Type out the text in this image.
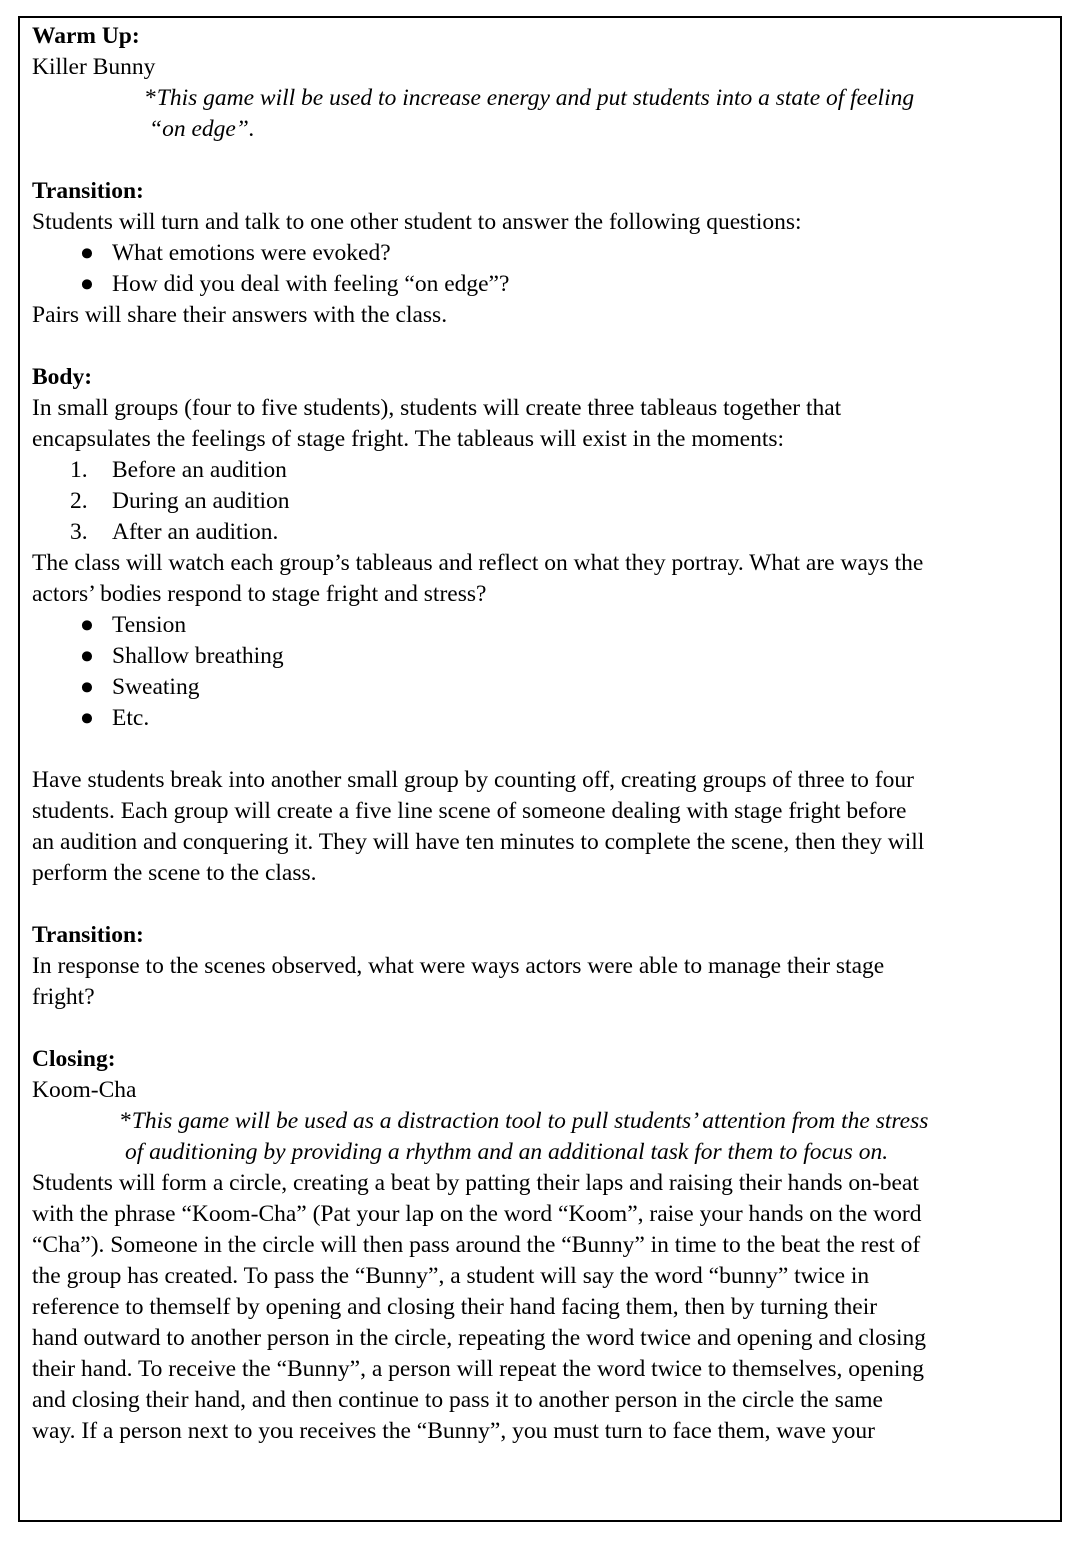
Warm Up:
Killer Bunny
*This game will be used to increase energy and put students into a state of feeling
“on edge”.
Transition:
Students will turn and talk to one other student to answer the following questions:
● What emotions were evoked?
● How did you deal with feeling “on edge”?
Pairs will share their answers with the class.
Body:
In small groups (four to five students), students will create three tableaus together that
encapsulates the feelings of stage fright. The tableaus will exist in the moments:
1.	Before an audition
2.	During an audition
3.	After an audition.
The class will watch each group’s tableaus and reflect on what they portray. What are ways the
actors’ bodies respond to stage fright and stress?
● Tension
● Shallow breathing
● Sweating
● Etc.
Have students break into another small group by counting off, creating groups of three to four
students. Each group will create a five line scene of someone dealing with stage fright before
an audition and conquering it. They will have ten minutes to complete the scene, then they will
perform the scene to the class.
Transition:
In response to the scenes observed, what were ways actors were able to manage their stage
fright?
Closing:
Koom-Cha
*This game will be used as a distraction tool to pull students’ attention from the stress
of auditioning by providing a rhythm and an additional task for them to focus on.
Students will form a circle, creating a beat by patting their laps and raising their hands on-beat
with the phrase “Koom-Cha” (Pat your lap on the word “Koom”, raise your hands on the word
“Cha”). Someone in the circle will then pass around the “Bunny” in time to the beat the rest of
the group has created. To pass the “Bunny”, a student will say the word “bunny” twice in
reference to themself by opening and closing their hand facing them, then by turning their
hand outward to another person in the circle, repeating the word twice and opening and closing
their hand. To receive the “Bunny”, a person will repeat the word twice to themselves, opening
and closing their hand, and then continue to pass it to another person in the circle the same
way. If a person next to you receives the “Bunny”, you must turn to face them, wave your
